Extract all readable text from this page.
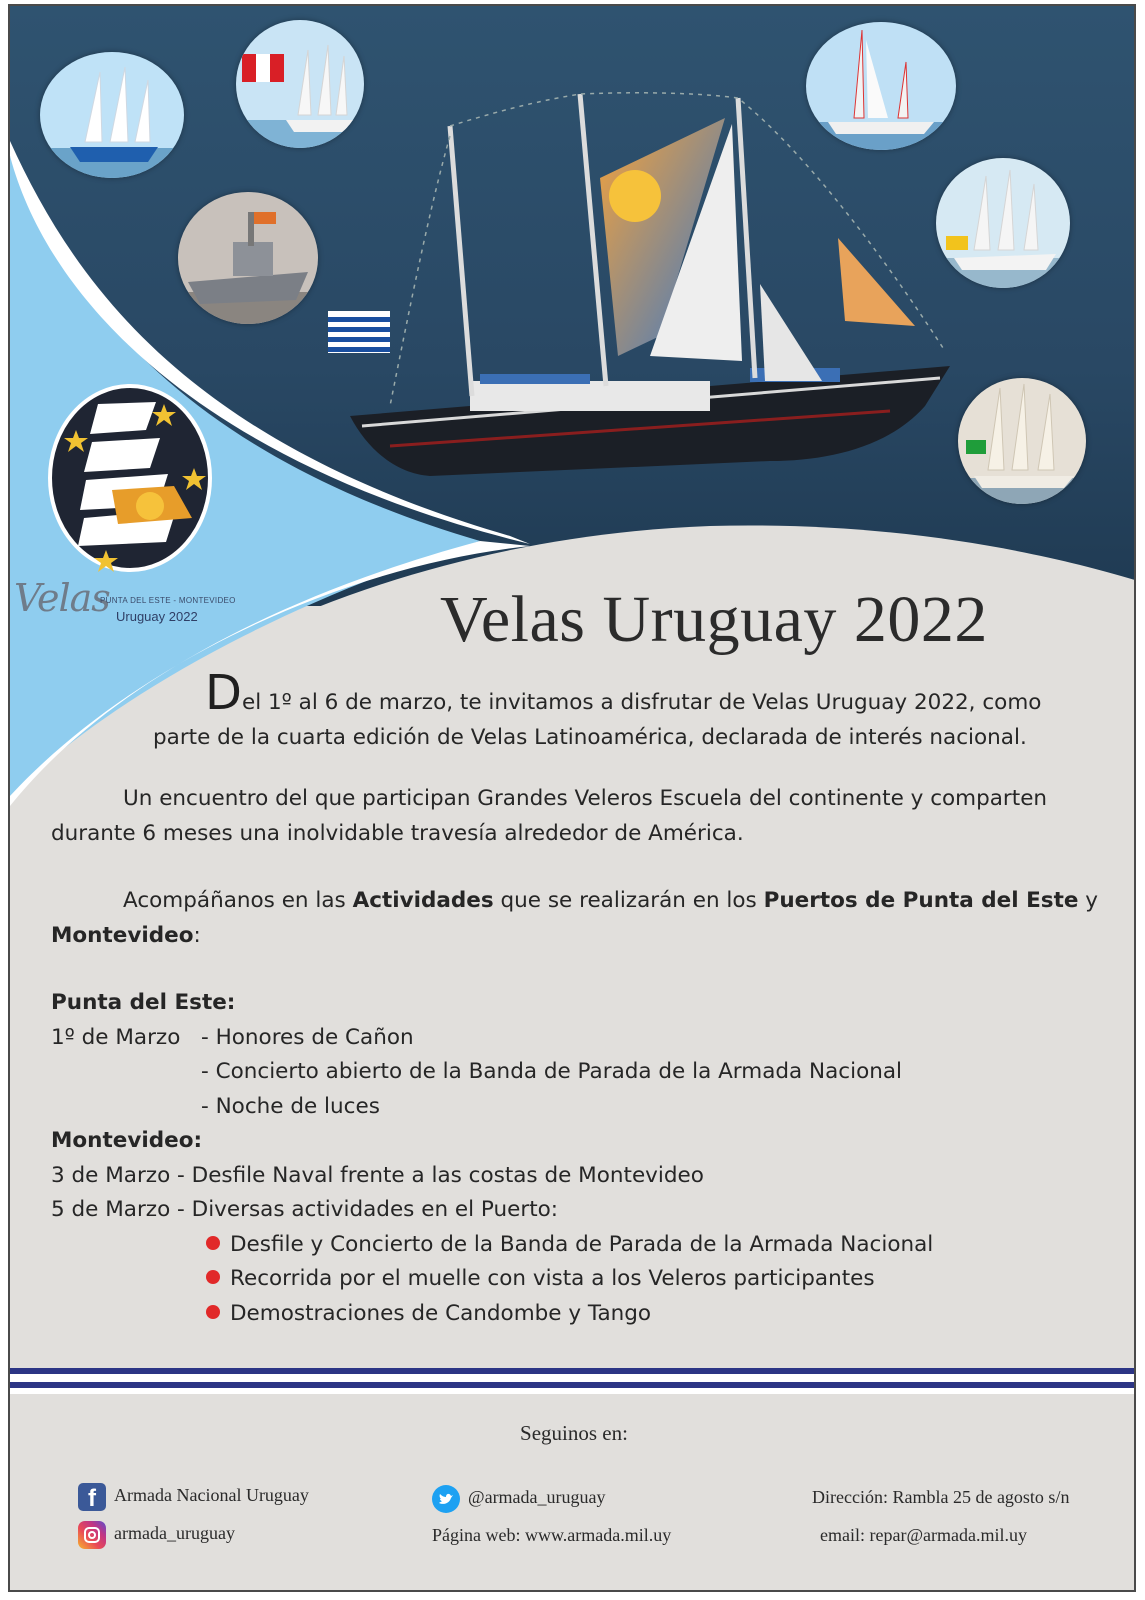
Velas
PUNTA DEL ESTE - MONTEVIDEO
Uruguay 2022	Velas Uruguay 2022
Del 1º al 6 de marzo, te invitamos a disfrutar de Velas Uruguay 2022, como
parte de la cuarta edición de Velas Latinoamérica, declarada de interés nacional.
Un encuentro del que participan Grandes Veleros Escuela del continente y comparten
durante 6 meses una inolvidable travesía alrededor de América.
Acompáñanos en las Actividades que se realizarán en los Puertos de Punta del Este y
Montevideo:
Punta del Este:
1º de Marzo - Honores de Cañon
- Concierto abierto de la Banda de Parada de la Armada Nacional
- Noche de luces
Montevideo:
3 de Marzo - Desfile Naval frente a las costas de Montevideo
5 de Marzo - Diversas actividades en el Puerto:
Desfile y Concierto de la Banda de Parada de la Armada Nacional
Recorrida por el muelle con vista a los Veleros participantes
Demostraciones de Candombe y Tango
Seguinos en:
fArmada Nacional Uruguay
armada_uruguay
@armada_uruguay
Página web: www.armada.mil.uy
Dirección: Rambla 25 de agosto s/n
email: repar@armada.mil.uy
